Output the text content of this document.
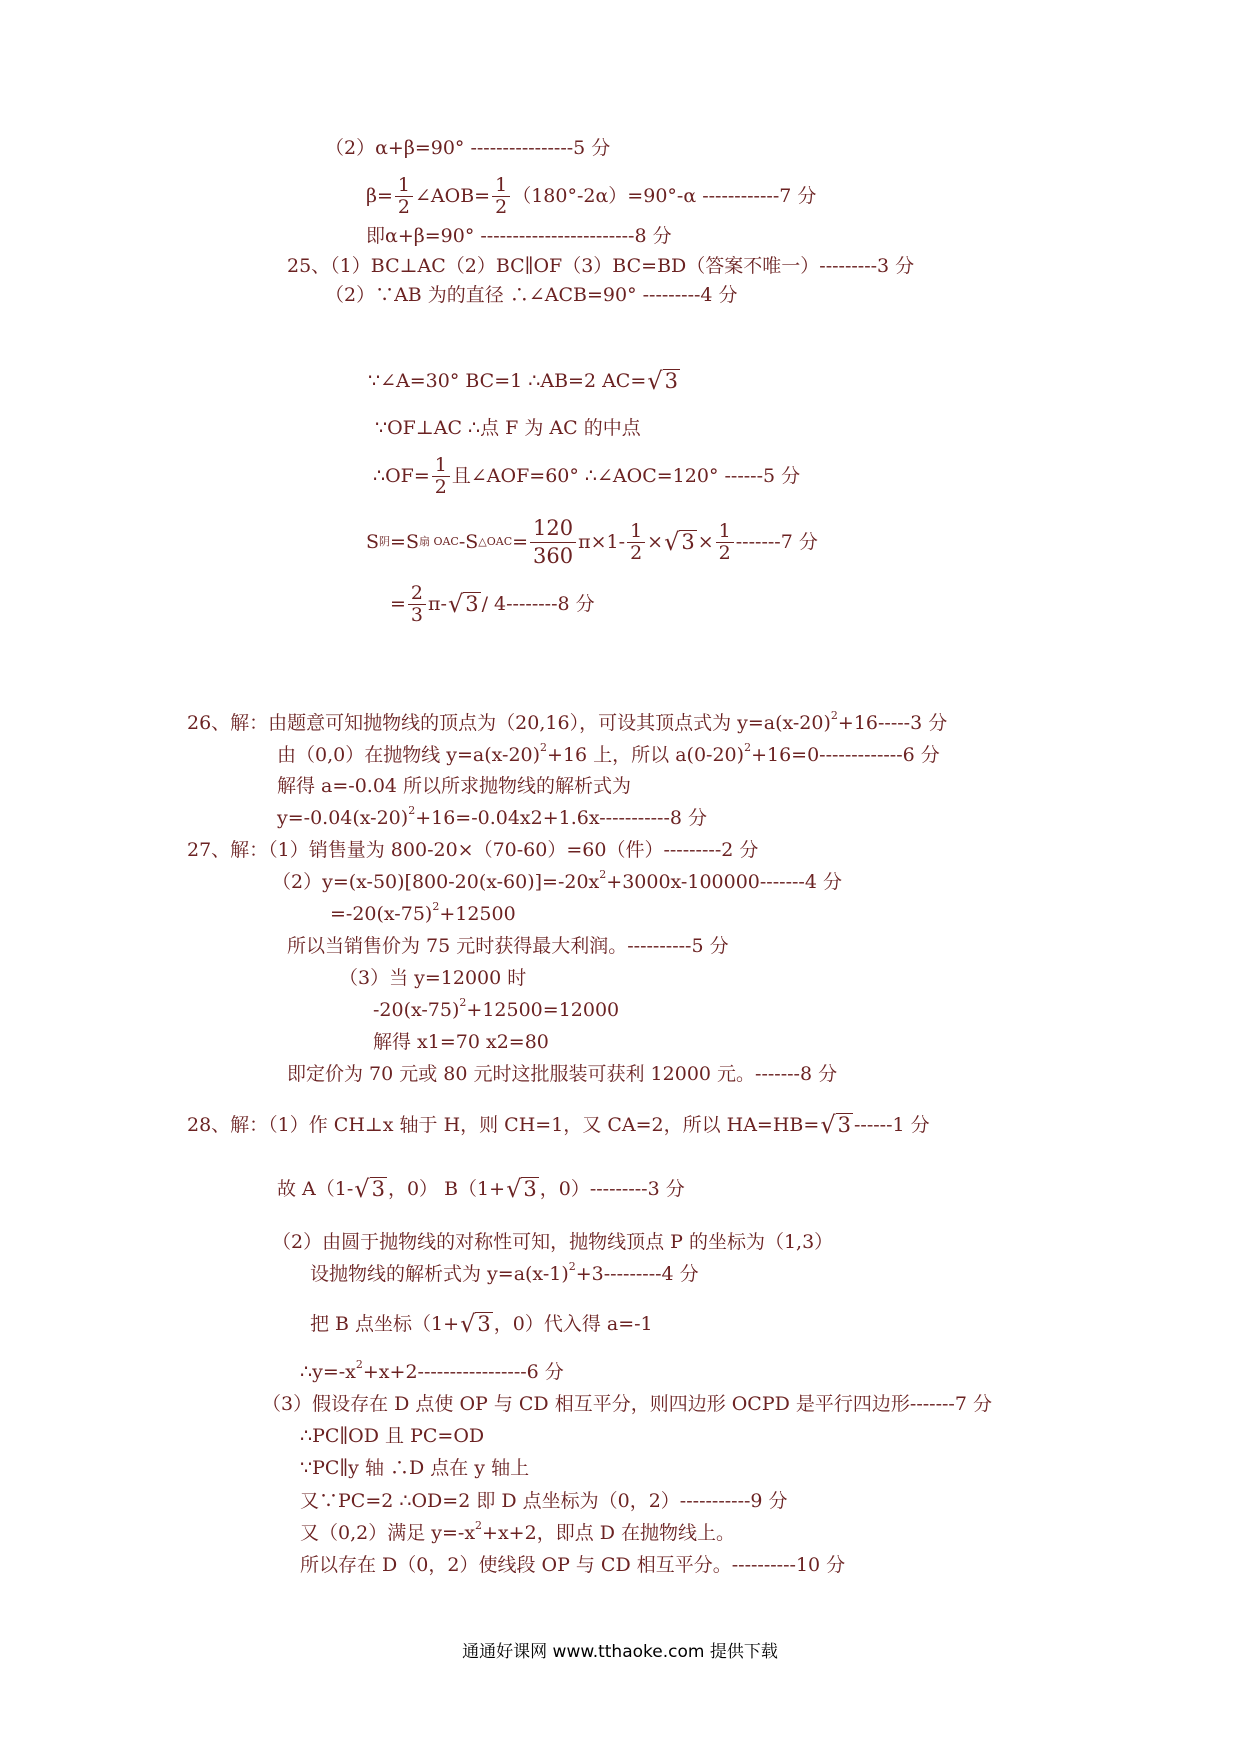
（2）α+β=90° ----------------5 分
$\beta= \frac{1}{2}$ ∠AOB= $\frac{1}{2} (180^\circ-2\alpha)=90^\circ-\alpha$ ------------7 分
即α+β=90° ------------------------8 分
25、（1）BC⊥AC（2）BC∥OF（3）BC=BD（答案不唯一）---------3 分
（2）∵AB 为的直径 ∴∠ACB=90° ---------4 分
∵∠A=30° BC=1 ∴AB=2 AC= √ 3
∵OF⊥AC ∴点 F 为 AC 的中点
∴OF= $\frac{1}{2}$ 且∠AOF=60° ∴∠AOC=120° ------5 分
S 阴 =S 扇 OAC -S △OAC = $\frac{120}{360} \pi\times 1- \frac{1}{2}$ × √ $3 \times \frac{1}{2} -------7$ 分
= $\frac{2}{3} \pi-$ √ 3 / 4--------8 分
26、解：由题意可知抛物线的顶点为（20,16），可设其顶点式为 $y=a(x-20)^2+16-----3$ 分
由（0,0）在抛物线 $y=a(x-20)^2+16$ 上，所以 $a(0-20)^2+16=0-------------6$ 分
解得 a=-0.04 所以所求抛物线的解析式为
$y=-0.04(x-20)^2+16=-0.04x2+1.6x-----------8$ 分
27、解：（1）销售量为 800-20×（70-60）=60（件）---------2 分
$(2)y=(x-50)[800-20(x-60)]=-20x^2+3000x-100000-------4$ 分
$=-20(x-75)^2+12500$
所以当销售价为 75 元时获得最大利润。----------5 分
（3）当 y=12000 时
$-20(x-75)^2+12500=12000$
解得 x1=70 x2=80
即定价为 70 元或 80 元时这批服装可获利 12000 元。-------8 分
28、解：（1）作 CH⊥x 轴于 H，则 CH=1，又 CA=2，所以 HA=HB= √ 3 ------1 分
故 A（1- √ 3 ，0） B（1+ √ 3 ，0）---------3 分
（2）由圆于抛物线的对称性可知，抛物线顶点 P 的坐标为（1,3）
设抛物线的解析式为 $y=a(x-1)^2+3---------4$ 分
把 B 点坐标（1+ √ 3 ，0）代入得 a=-1
$\therefore y=-x^2+x+2-----------------6$ 分
（3）假设存在 D 点使 OP 与 CD 相互平分，则四边形 OCPD 是平行四边形-------7 分
∴PC∥OD 且 PC=OD
∵PC∥y 轴 ∴D 点在 y 轴上
又∵PC=2 ∴OD=2 即 D 点坐标为（0，2）-----------9 分
又（0,2）满足 $y=-x^2+x+2$，即点 D 在抛物线上。
所以存在 D（0，2）使线段 OP 与 CD 相互平分。----------10 分
通通好课网 www.tthaoke.com 提供下载
